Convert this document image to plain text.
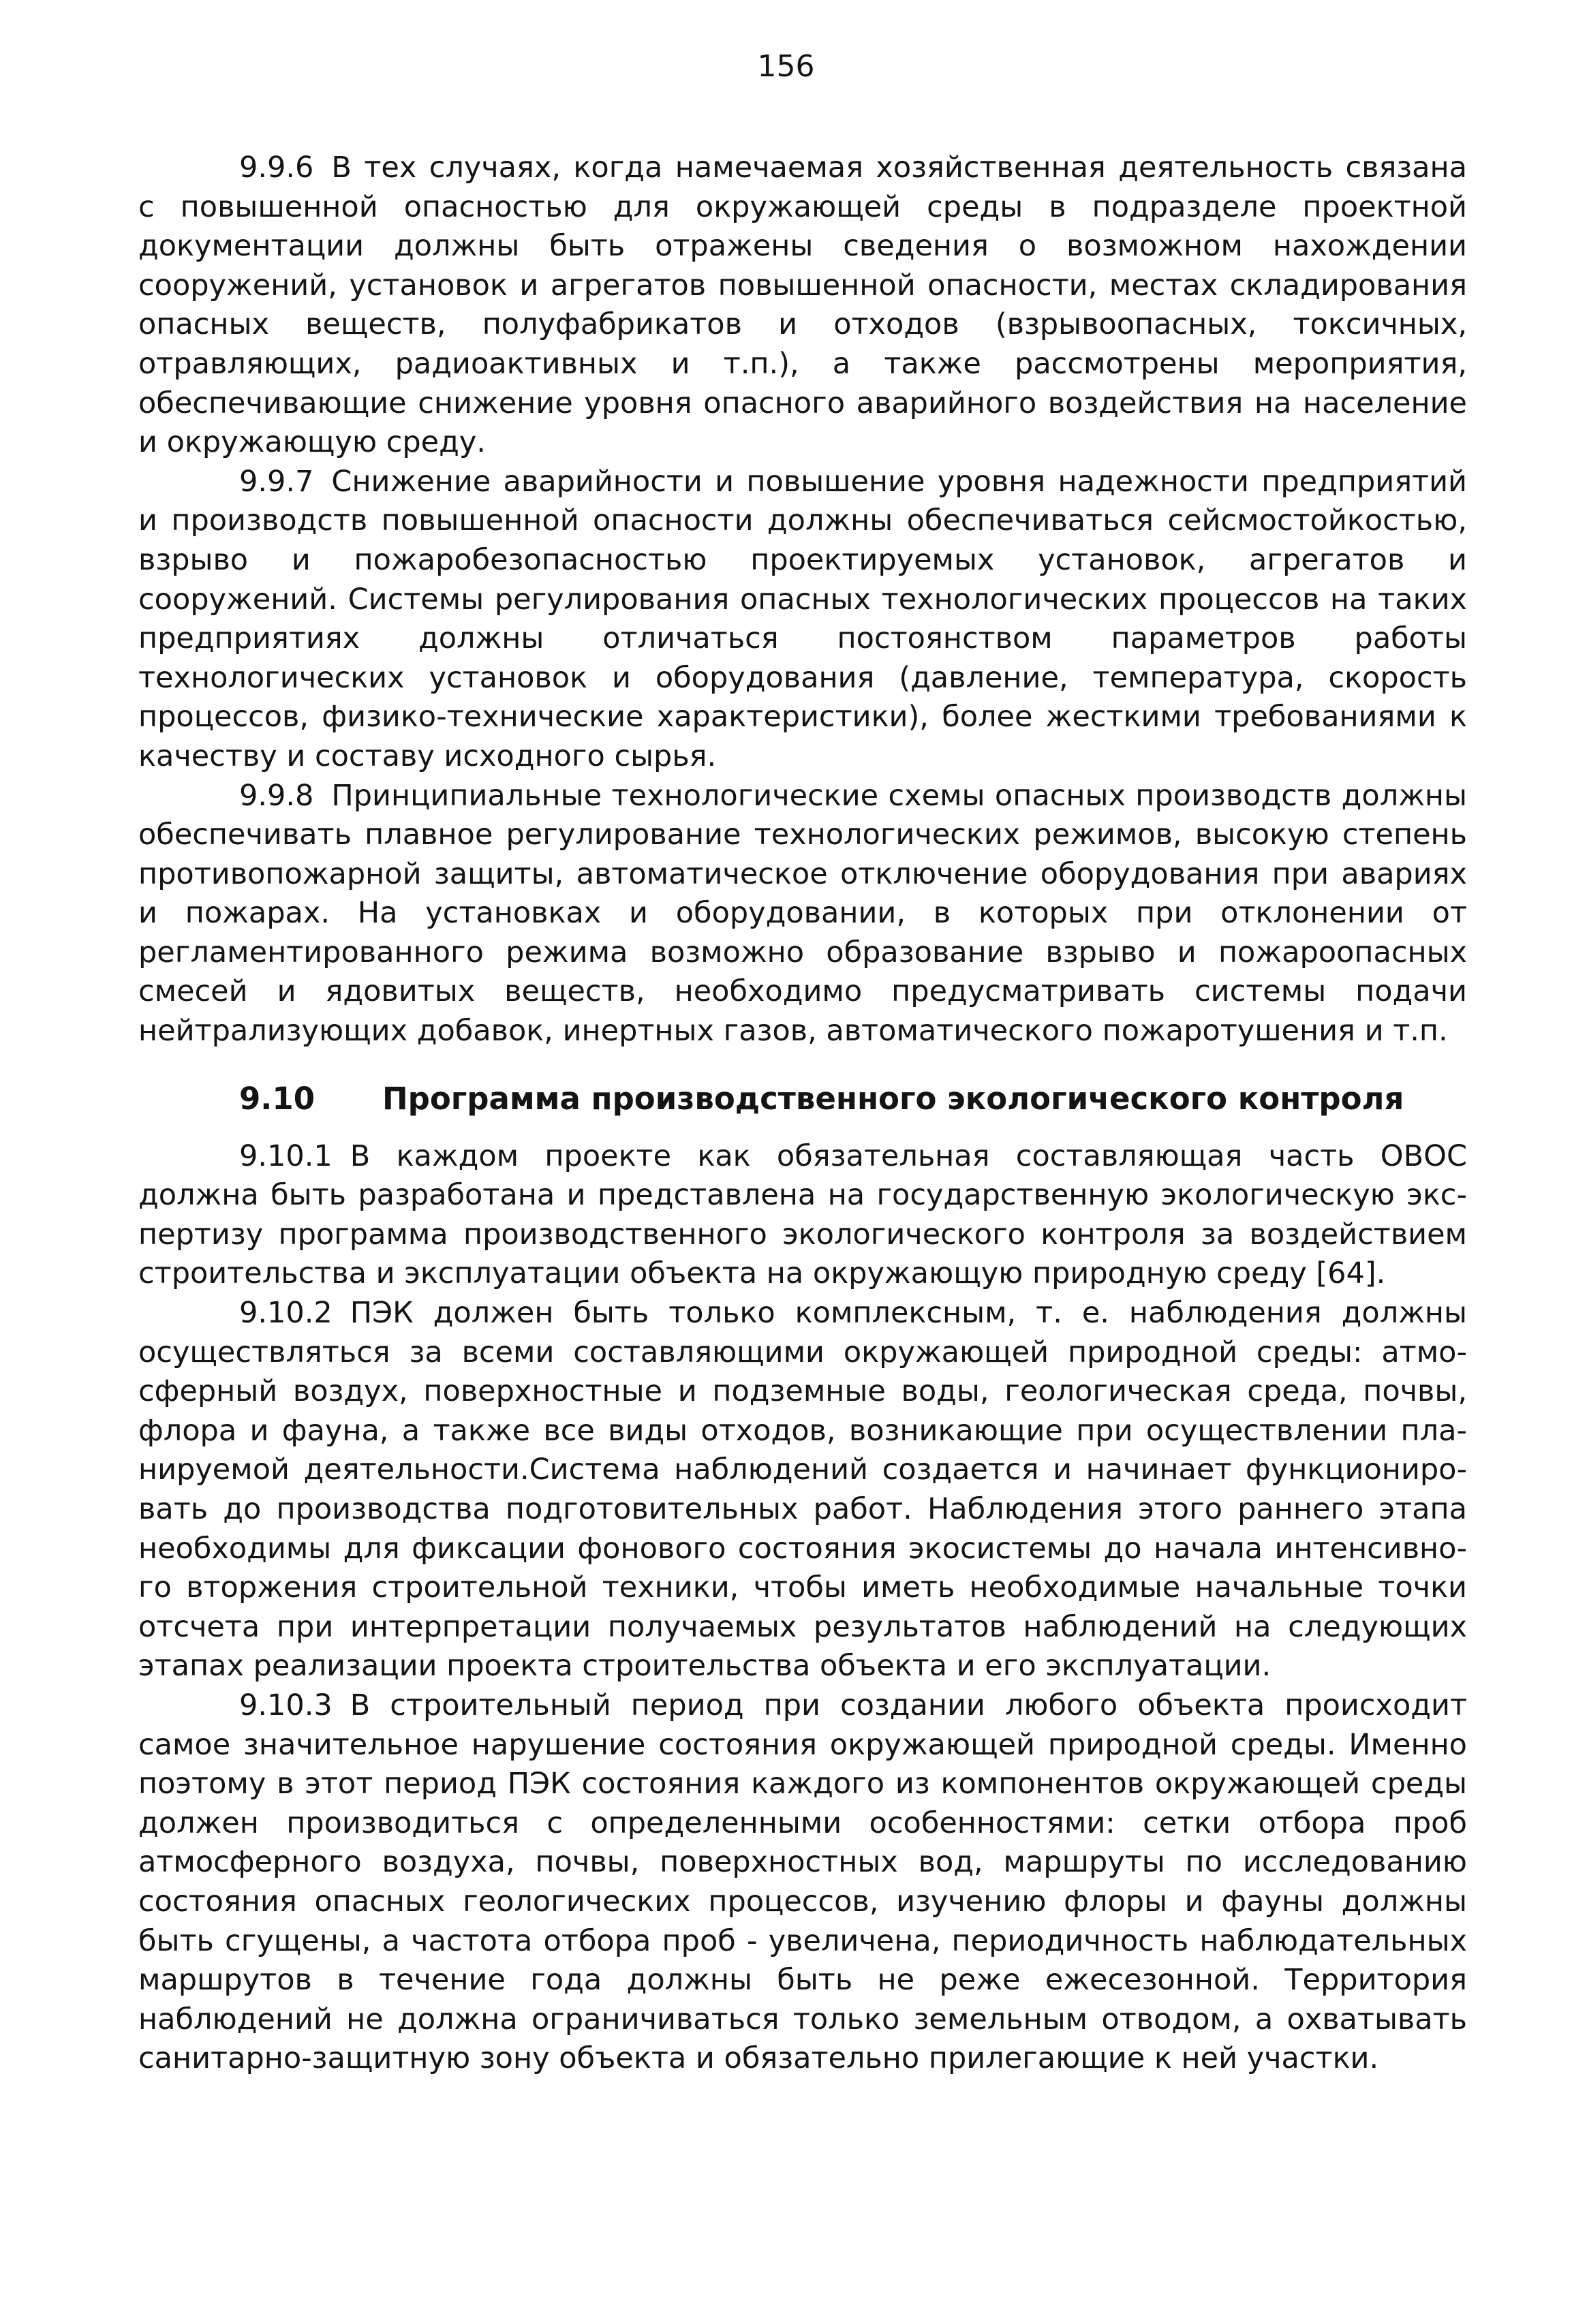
156

9.9.6 В тех случаях, когда намечаемая хозяйственная деятельность связана с повышенной опасностью для окружающей среды в подразделе проектной документации должны быть отражены сведения о возможном нахождении сооружений, установок и агрегатов повышенной опасности, местах складирования опасных веществ, полуфабрикатов и отходов (взрывоопасных, токсичных, отравляющих, радиоактивных и т.п.), а также рассмотрены мероприятия, обеспечивающие снижение уровня опасного аварийного воздействия на население и окружающую среду.

9.9.7 Снижение аварийности и повышение уровня надежности предприятий и производств повышенной опасности должны обеспечиваться сейсмостойкостью, взрыво и пожаробезопасностью проектируемых установок, агрегатов и сооружений. Системы регулирования опасных технологических процессов на таких предприятиях должны отличаться постоянством параметров работы технологических установок и оборудования (давление, температура, скорость процессов, физико-технические характеристики), более жесткими требованиями к качеству и составу исходного сырья.

9.9.8 Принципиальные технологические схемы опасных производств должны обеспечивать плавное регулирование технологических режимов, высокую степень противопожарной защиты, автоматическое отключение оборудования при авариях и пожарах. На установках и оборудовании, в которых при отклонении от регламентированного режима возможно образование взрыво и пожароопасных смесей и ядовитых веществ, необходимо предусматривать системы подачи нейтрализующих добавок, инертных газов, автоматического пожаротушения и т.п.

9.10 Программа производственного экологического контроля

9.10.1 В каждом проекте как обязательная составляющая часть ОВОС должна быть разработана и представлена на государственную экологическую экспертизу программа производственного экологического контроля за воздействием строительства и эксплуатации объекта на окружающую природную среду [64].

9.10.2 ПЭК должен быть только комплексным, т. е. наблюдения должны осуществляться за всеми составляющими окружающей природной среды: атмосферный воздух, поверхностные и подземные воды, геологическая среда, почвы, флора и фауна, а также все виды отходов, возникающие при осуществлении планируемой деятельности.Система наблюдений создается и начинает функционировать до производства подготовительных работ. Наблюдения этого раннего этапа необходимы для фиксации фонового состояния экосистемы до начала интенсивного вторжения строительной техники, чтобы иметь необходимые начальные точки отсчета при интерпретации получаемых результатов наблюдений на следующих этапах реализации проекта строительства объекта и его эксплуатации.

9.10.3 В строительный период при создании любого объекта происходит самое значительное нарушение состояния окружающей природной среды. Именно поэтому в этот период ПЭК состояния каждого из компонентов окружающей среды должен производиться с определенными особенностями: сетки отбора проб атмосферного воздуха, почвы, поверхностных вод, маршруты по исследованию состояния опасных геологических процессов, изучению флоры и фауны должны быть сгущены, а частота отбора проб - увеличена, периодичность наблюдательных маршрутов в течение года должны быть не реже ежесезонной. Территория наблюдений не должна ограничиваться только земельным отводом, а охватывать санитарно-защитную зону объекта и обязательно прилегающие к ней участки.
